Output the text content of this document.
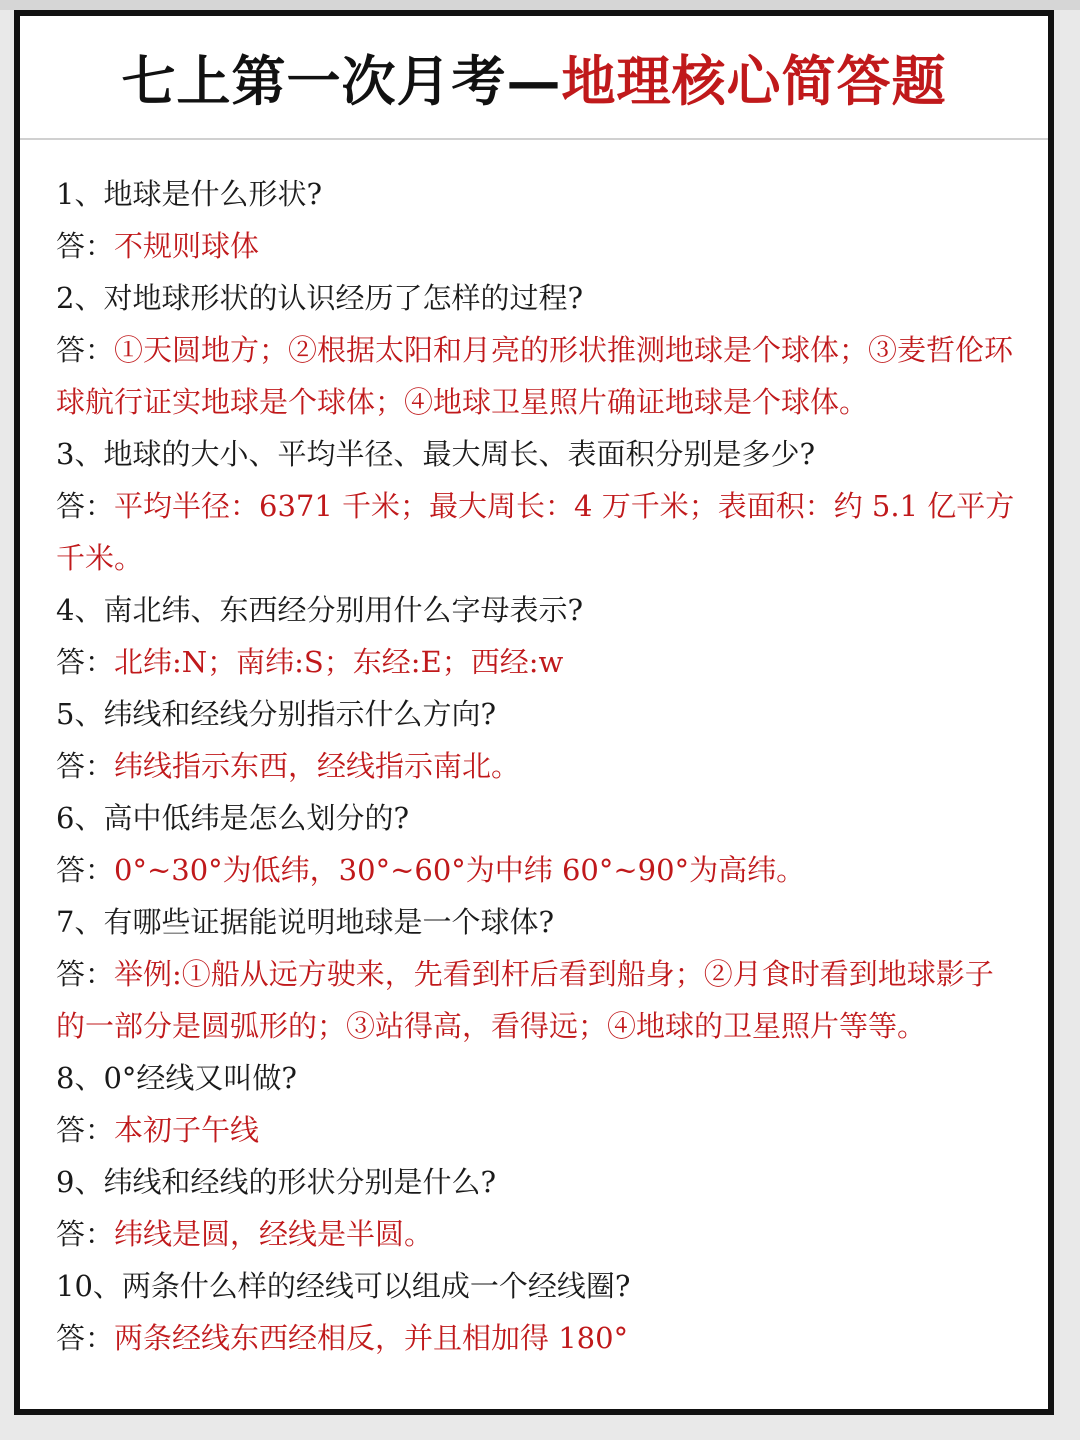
七上第一次月考—地理核心简答题

1、地球是什么形状?

答：不规则球体

2、对地球形状的认识经历了怎样的过程?

答：①天圆地方；②根据太阳和月亮的形状推测地球是个球体；③麦哲伦环球航行证实地球是个球体；④地球卫星照片确证地球是个球体。

3、地球的大小、平均半径、最大周长、表面积分别是多少?

答：平均半径：6371 千米；最大周长：4 万千米；表面积：约 5.1 亿平方千米。

4、南北纬、东西经分别用什么字母表示?

答：北纬:N；南纬:S；东经:E；西经:w

5、纬线和经线分别指示什么方向?

答：纬线指示东西，经线指示南北。

6、高中低纬是怎么划分的?

答：0°~30°为低纬，30°~60°为中纬 60°~90°为高纬。

7、有哪些证据能说明地球是一个球体?

答：举例:①船从远方驶来，先看到杆后看到船身；②月食时看到地球影子的一部分是圆弧形的；③站得高，看得远；④地球的卫星照片等等。

8、0°经线又叫做?

答：本初子午线

9、纬线和经线的形状分别是什么?

答：纬线是圆，经线是半圆。

10、两条什么样的经线可以组成一个经线圈?

答：两条经线东西经相反，并且相加得 180°
